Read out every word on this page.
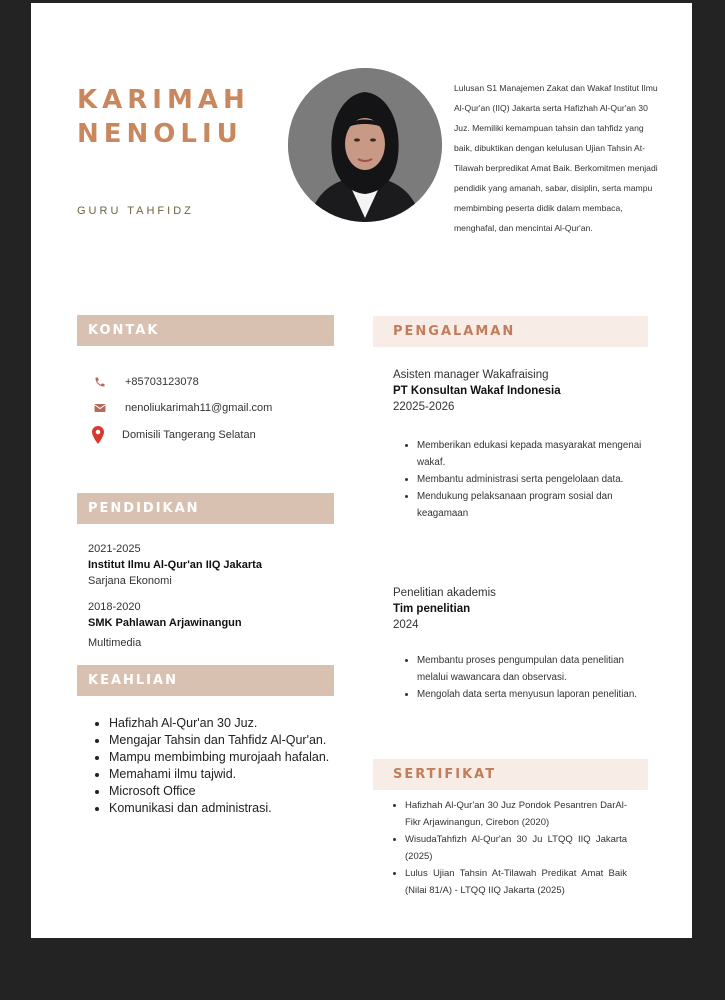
KARIMAH
NENOLIU
GURU TAHFIDZ
Lulusan S1 Manajemen Zakat dan Wakaf Institut Ilmu Al-Qur'an (IIQ) Jakarta serta Hafizhah Al-Qur'an 30 Juz. Memiliki kemampuan tahsin dan tahfidz yang baik, dibuktikan dengan kelulusan Ujian Tahsin At-Tilawah berpredikat Amat Baik. Berkomitmen menjadi pendidik yang amanah, sabar, disiplin, serta mampu membimbing peserta didik dalam membaca, menghafal, dan mencintai Al-Qur'an.
KONTAK
+85703123078
nenoliukarimah11@gmail.com
Domisili Tangerang Selatan
PENDIDIKAN
2021-2025
Institut Ilmu Al-Qur'an IIQ Jakarta
Sarjana Ekonomi
2018-2020
SMK Pahlawan Arjawinangun
Multimedia
KEAHLIAN
• Hafizhah Al-Qur'an 30 Juz.
• Mengajar Tahsin dan Tahfidz Al-Qur'an.
• Mampu membimbing murojaah hafalan.
• Memahami ilmu tajwid.
• Microsoft Office
• Komunikasi dan administrasi.
PENGALAMAN
Asisten manager Wakafraising
PT Konsultan Wakaf Indonesia
22025-2026
• Memberikan edukasi kepada masyarakat mengenai wakaf.
• Membantu administrasi serta pengelolaan data.
• Mendukung pelaksanaan program sosial dan keagamaan
Penelitian akademis
Tim penelitian
2024
• Membantu proses pengumpulan data penelitian melalui wawancara dan observasi.
• Mengolah data serta menyusun laporan penelitian.
SERTIFIKAT
• Hafizhah Al-Qur'an 30 Juz Pondok Pesantren DarAl-Fikr Arjawinangun, Cirebon (2020)
• WisudaTahfizh Al-Qur'an 30 Ju LTQQ IIQ Jakarta (2025)
• Lulus Ujian Tahsin At-Tilawah Predikat Amat Baik (Nilai 81/A) - LTQQ IIQ Jakarta (2025)
